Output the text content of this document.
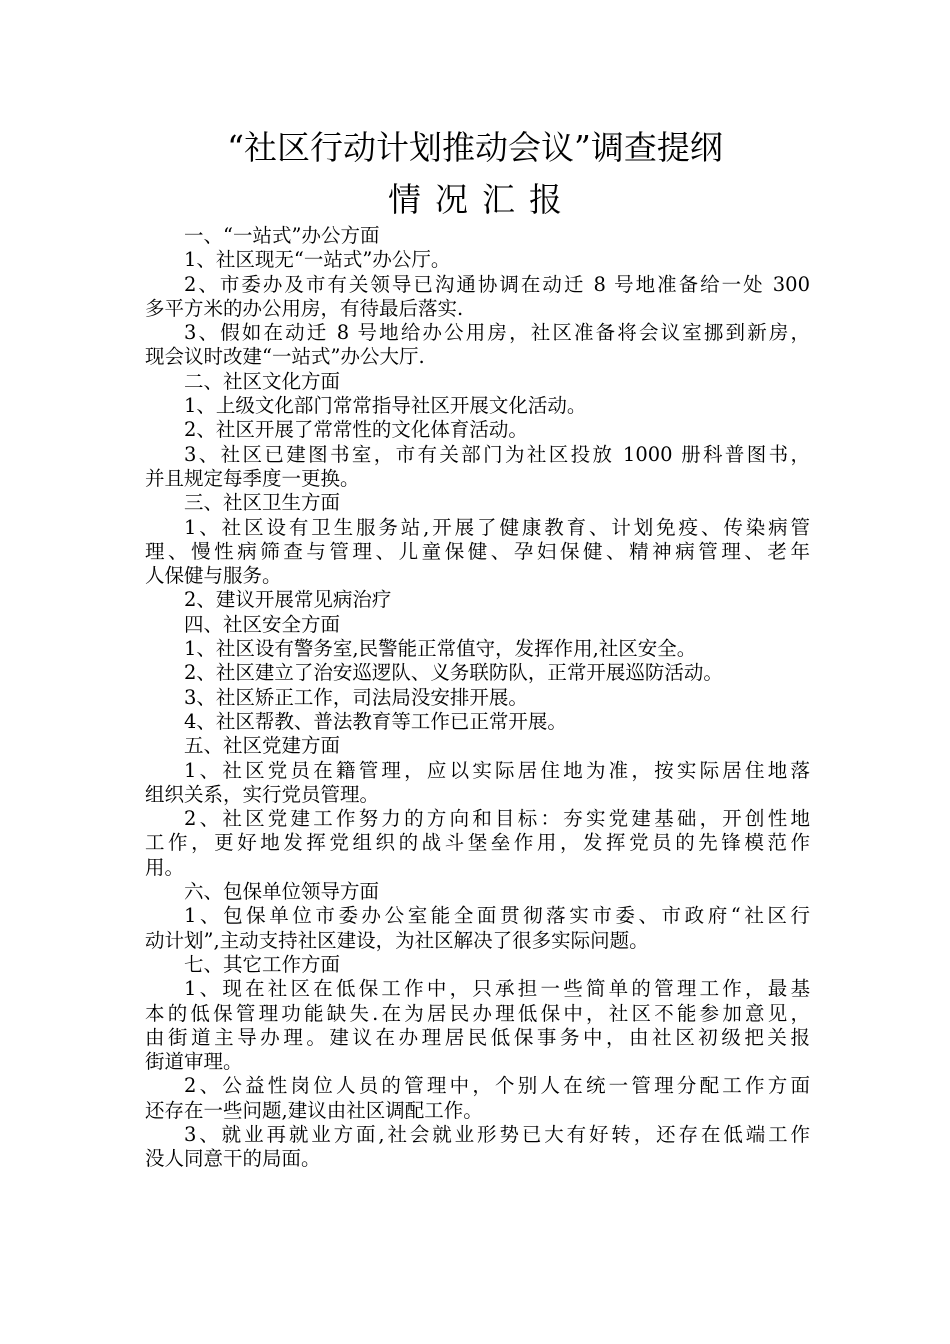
“社区行动计划推动会议”调查提纲
情况汇报
一、“一站式”办公方面
1、社区现无“一站式”办公厅。
2、市委办及市有关领导已沟通协调在动迁 8 号地准备给一处 300
多平方米的办公用房，有待最后落实.
3、假如在动迁 8 号地给办公用房，社区准备将会议室挪到新房，
现会议时改建“一站式”办公大厅.
二、社区文化方面
1、上级文化部门常常指导社区开展文化活动。
2、社区开展了常常性的文化体育活动。
3、社区已建图书室，市有关部门为社区投放 1000 册科普图书，
并且规定每季度一更换。
三、社区卫生方面
1、社区设有卫生服务站,开展了健康教育、计划免疫、传染病管
理、慢性病筛查与管理、儿童保健、孕妇保健、精神病管理、老年
人保健与服务。
2、建议开展常见病治疗
四、社区安全方面
1、社区设有警务室,民警能正常值守，发挥作用,社区安全。
2、社区建立了治安巡逻队、义务联防队，正常开展巡防活动。
3、社区矫正工作，司法局没安排开展。
4、社区帮教、普法教育等工作已正常开展。
五、社区党建方面
1、社区党员在籍管理，应以实际居住地为准，按实际居住地落
组织关系，实行党员管理。
2、社区党建工作努力的方向和目标：夯实党建基础，开创性地
工作，更好地发挥党组织的战斗堡垒作用，发挥党员的先锋模范作
用。
六、包保单位领导方面
1、包保单位市委办公室能全面贯彻落实市委、市政府“社区行
动计划”,主动支持社区建设，为社区解决了很多实际问题。
七、其它工作方面
1、现在社区在低保工作中，只承担一些简单的管理工作，最基
本的低保管理功能缺失.在为居民办理低保中，社区不能参加意见，
由街道主导办理。建议在办理居民低保事务中，由社区初级把关报
街道审理。
2、公益性岗位人员的管理中，个别人在统一管理分配工作方面
还存在一些问题,建议由社区调配工作。
3、就业再就业方面,社会就业形势已大有好转，还存在低端工作
没人同意干的局面。
